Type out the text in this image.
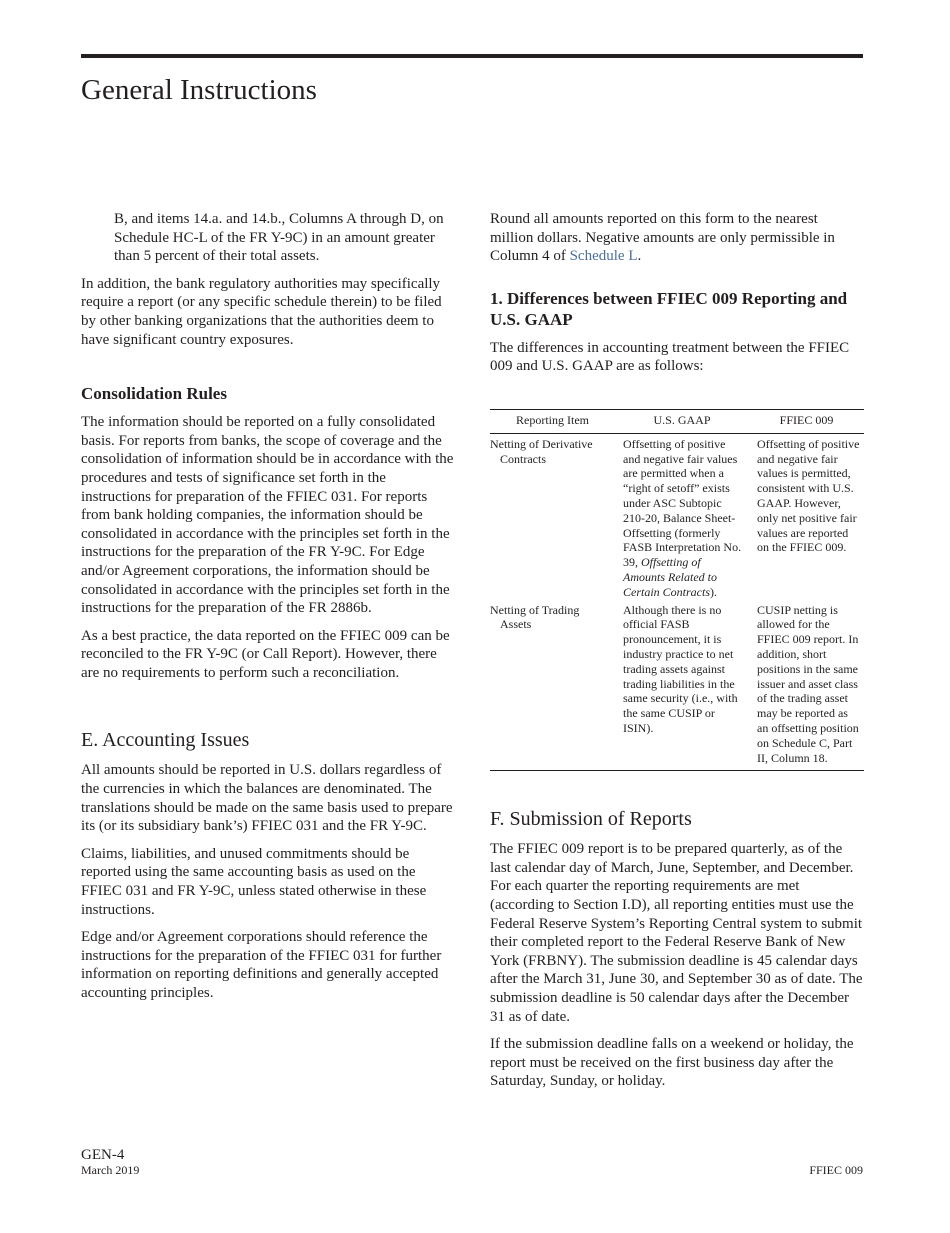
General Instructions

B, and items 14.a. and 14.b., Columns A through D, on Schedule HC-L of the FR Y-9C) in an amount greater than 5 percent of their total assets.

In addition, the bank regulatory authorities may specifically require a report (or any specific schedule therein) to be filed by other banking organizations that the authorities deem to have significant country exposures.

Consolidation Rules

The information should be reported on a fully consolidated basis. For reports from banks, the scope of coverage and the consolidation of information should be in accordance with the procedures and tests of significance set forth in the instructions for preparation of the FFIEC 031. For reports from bank holding companies, the information should be consolidated in accordance with the principles set forth in the instructions for the preparation of the FR Y-9C. For Edge and/or Agreement corporations, the information should be consolidated in accordance with the principles set forth in the instructions for the preparation of the FR 2886b.

As a best practice, the data reported on the FFIEC 009 can be reconciled to the FR Y-9C (or Call Report). However, there are no requirements to perform such a reconciliation.

E. Accounting Issues

All amounts should be reported in U.S. dollars regardless of the currencies in which the balances are denominated. The translations should be made on the same basis used to prepare its (or its subsidiary bank’s) FFIEC 031 and the FR Y-9C.

Claims, liabilities, and unused commitments should be reported using the same accounting basis as used on the FFIEC 031 and FR Y-9C, unless stated otherwise in these instructions.

Edge and/or Agreement corporations should reference the instructions for the preparation of the FFIEC 031 for further information on reporting definitions and generally accepted accounting principles.

Round all amounts reported on this form to the nearest million dollars. Negative amounts are only permissible in Column 4 of Schedule L.

1. Differences between FFIEC 009 Reporting and U.S. GAAP

The differences in accounting treatment between the FFIEC 009 and U.S. GAAP are as follows:

Reporting Item	U.S. GAAP	FFIEC 009
Netting of Derivative Contracts	Offsetting of positive and negative fair values are permitted when a “right of setoff” exists under ASC Subtopic 210-20, Balance Sheet-Offsetting (formerly FASB Interpretation No. 39, Offsetting of Amounts Related to Certain Contracts).	Offsetting of positive and negative fair values is permitted, consistent with U.S. GAAP. However, only net positive fair values are reported on the FFIEC 009.
Netting of Trading Assets	Although there is no official FASB pronouncement, it is industry practice to net trading assets against trading liabilities in the same security (i.e., with the same CUSIP or ISIN).	CUSIP netting is allowed for the FFIEC 009 report. In addition, short positions in the same issuer and asset class of the trading asset may be reported as an offsetting position on Schedule C, Part II, Column 18.
F. Submission of Reports

The FFIEC 009 report is to be prepared quarterly, as of the last calendar day of March, June, September, and December. For each quarter the reporting requirements are met (according to Section I.D), all reporting entities must use the Federal Reserve System’s Reporting Central system to submit their completed report to the Federal Reserve Bank of New York (FRBNY). The submission deadline is 45 calendar days after the March 31, June 30, and September 30 as of date. The submission deadline is 50 calendar days after the December 31 as of date.

If the submission deadline falls on a weekend or holiday, the report must be received on the first business day after the Saturday, Sunday, or holiday.

GEN-4
March 2019	FFIEC 009
